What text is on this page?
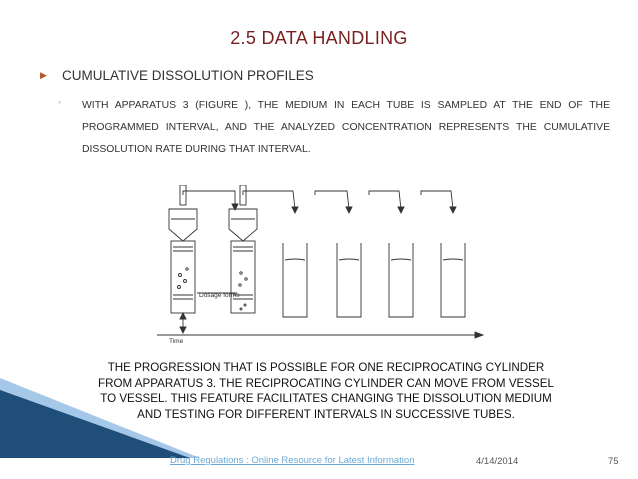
2.5 DATA HANDLING
▶	CUMULATIVE DISSOLUTION PROFILES
◦ WITH APPARATUS 3 (FIGURE ), THE MEDIUM IN EACH TUBE IS SAMPLED AT THE END OF THE PROGRAMMED INTERVAL, AND THE ANALYZED CONCENTRATION REPRESENTS THE CUMULATIVE DISSOLUTION RATE DURING THAT INTERVAL.
Dosage forms
Time
THE PROGRESSION THAT IS POSSIBLE FOR ONE RECIPROCATING CYLINDER FROM APPARATUS 3. THE RECIPROCATING CYLINDER CAN MOVE FROM VESSEL TO VESSEL. THIS FEATURE FACILITATES CHANGING THE DISSOLUTION MEDIUM AND TESTING FOR DIFFERENT INTERVALS IN SUCCESSIVE TUBES.
Drug Regulations : Online Resource for Latest Information	4/14/2014	75
